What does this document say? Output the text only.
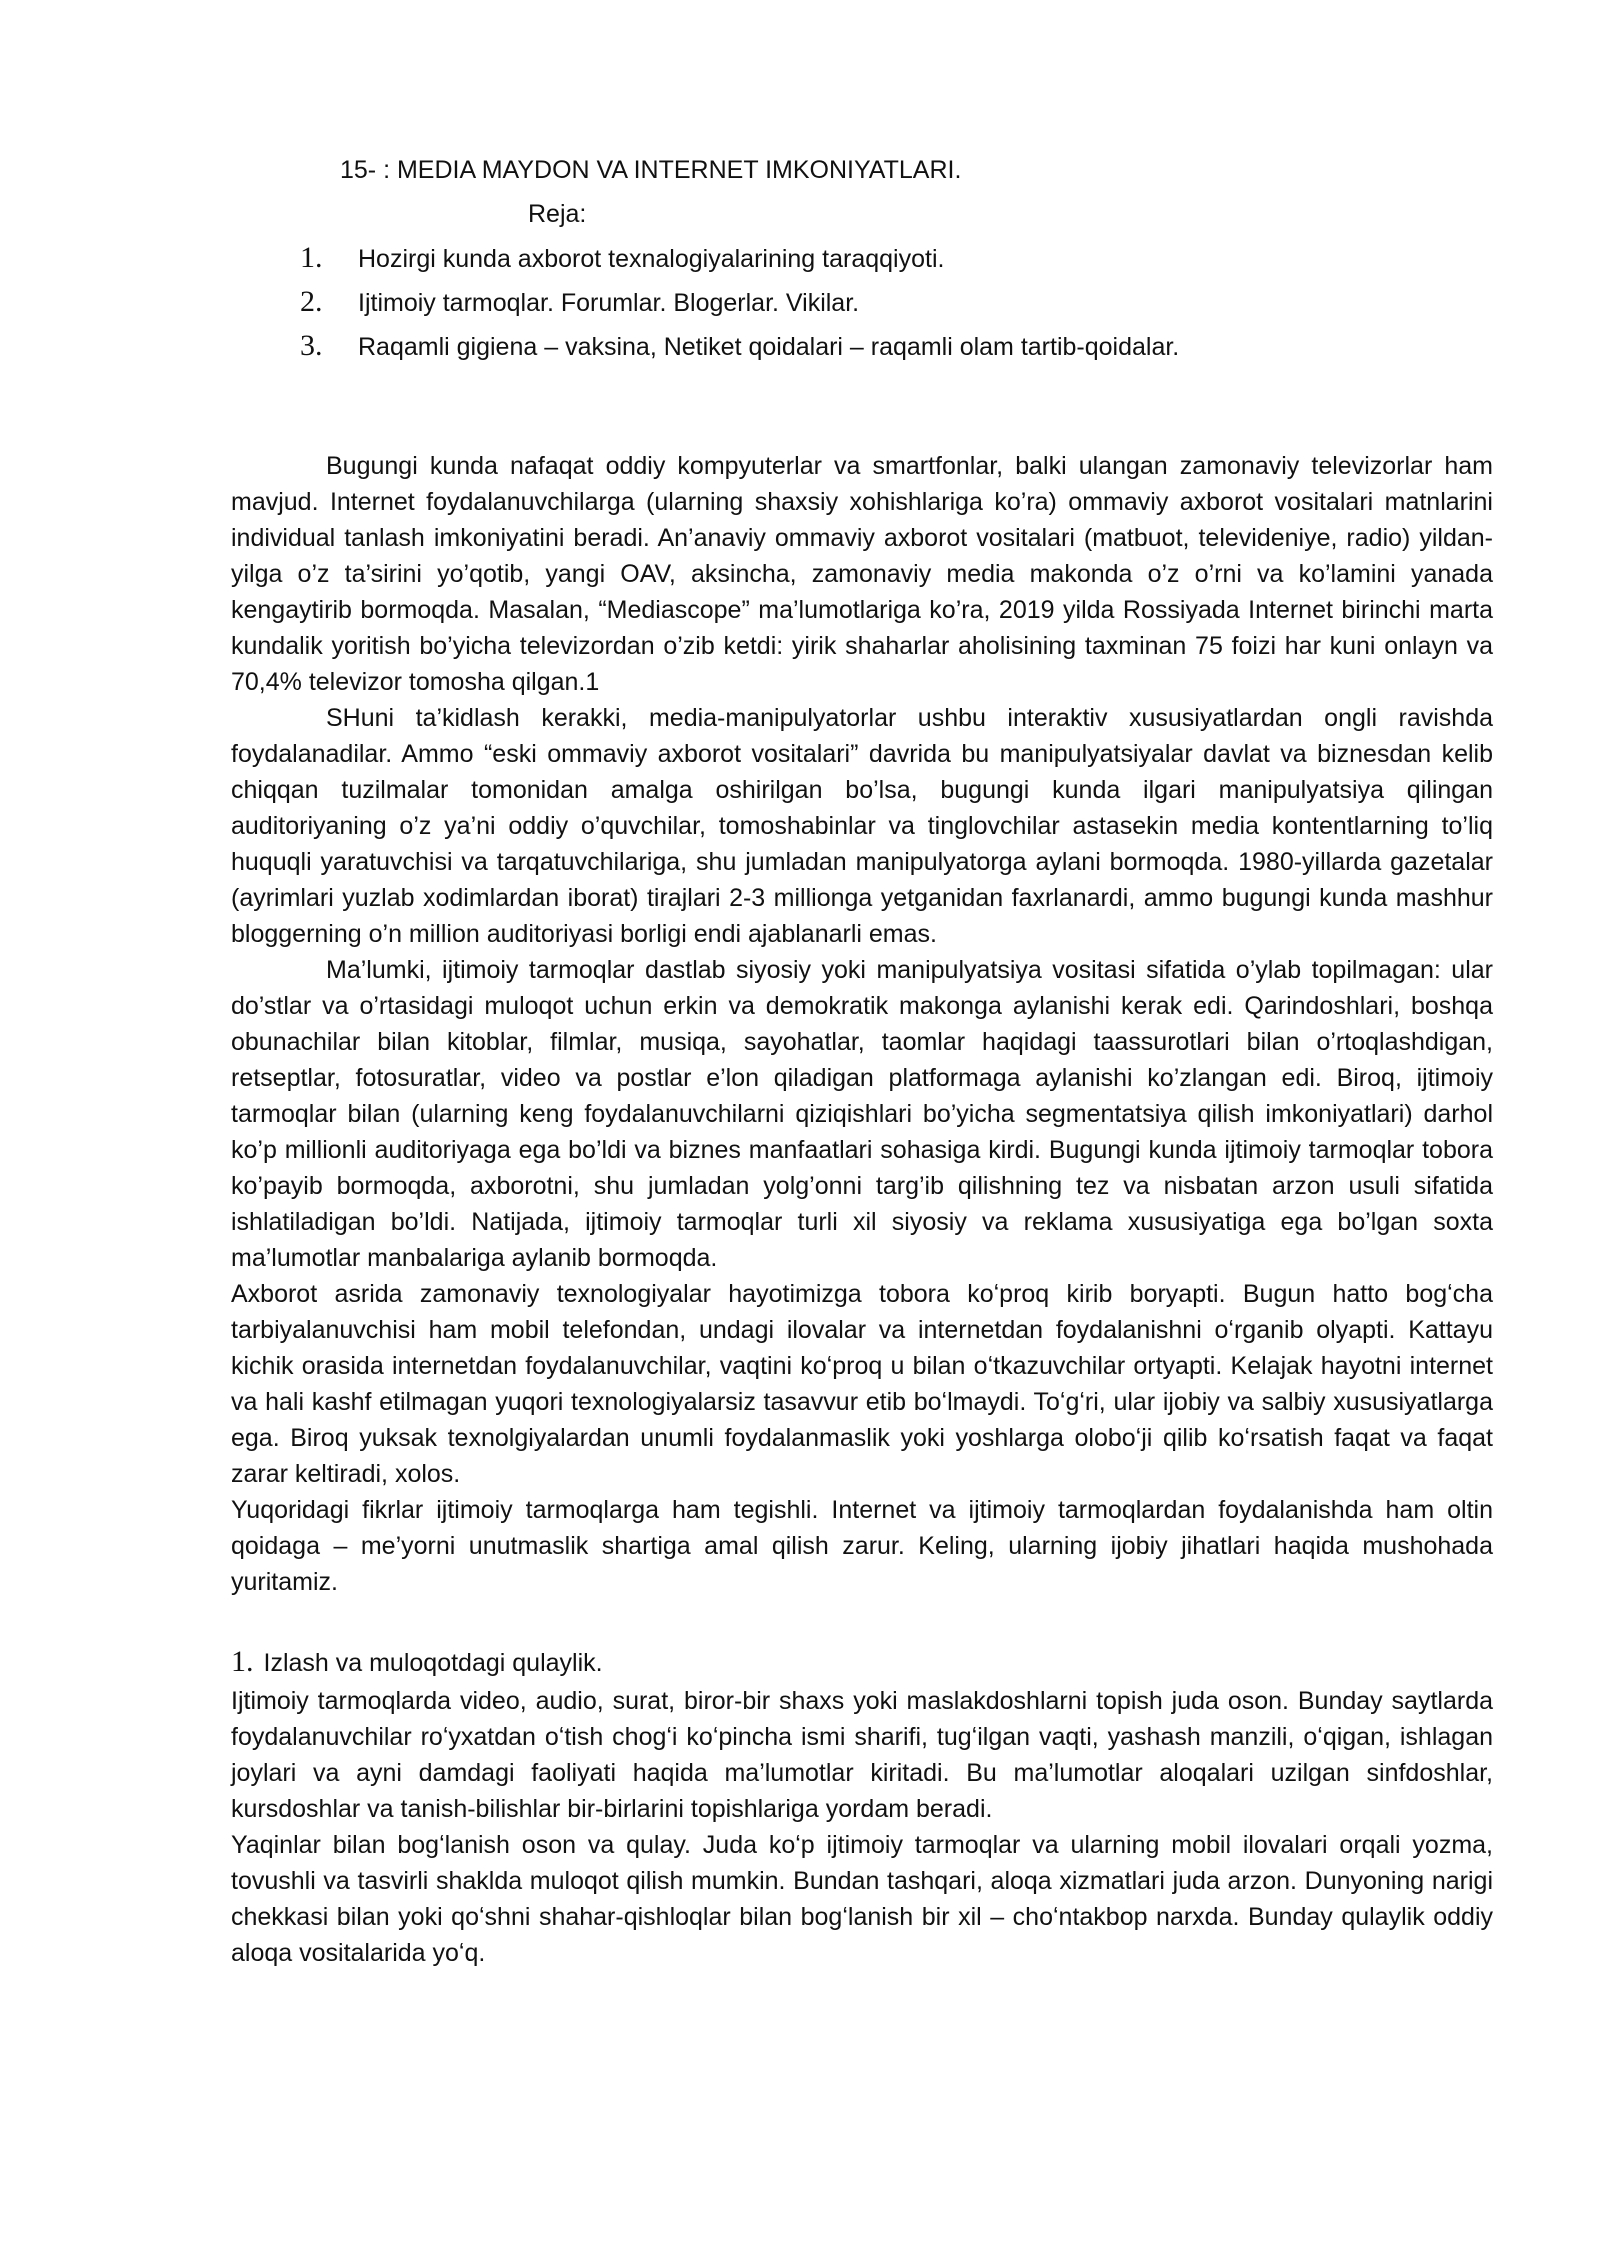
15- : MEDIA MAYDON VA INTERNET IMKONIYATLARI.
Reja:
1. Hozirgi kunda axborot texnalogiyalarining taraqqiyoti.
2. Ijtimoiy tarmoqlar. Forumlar. Blogerlar. Vikilar.
3. Raqamli gigiena – vaksina, Netiket qoidalari – raqamli olam tartib-qoidalar.

Bugungi kunda nafaqat oddiy kompyuterlar va smartfonlar, balki ulangan zamonaviy televizorlar ham mavjud. Internet foydalanuvchilarga (ularning shaxsiy xohishlariga ko’ra) ommaviy axborot vositalari matnlarini individual tanlash imkoniyatini beradi. An’anaviy ommaviy axborot vositalari (matbuot, televideniye, radio) yildan-yilga o’z ta’sirini yo’qotib, yangi OAV, aksincha, zamonaviy media makonda o’z o’rni va ko’lamini yanada kengaytirib bormoqda. Masalan, “Mediascope” ma’lumotlariga ko’ra, 2019 yilda Rossiyada Internet birinchi marta kundalik yoritish bo’yicha televizordan o’zib ketdi: yirik shaharlar aholisining taxminan 75 foizi har kuni onlayn va 70,4% televizor tomosha qilgan.1

SHuni ta’kidlash kerakki, media-manipulyatorlar ushbu interaktiv xususiyatlardan ongli ravishda foydalanadilar. Ammo “eski ommaviy axborot vositalari” davrida bu manipulyatsiyalar davlat va biznesdan kelib chiqqan tuzilmalar tomonidan amalga oshirilgan bo’lsa, bugungi kunda ilgari manipulyatsiya qilingan auditoriyaning o’z ya’ni oddiy o’quvchilar, tomoshabinlar va tinglovchilar astasekin media kontentlarning to’liq huquqli yaratuvchisi va tarqatuvchilariga, shu jumladan manipulyatorga aylani bormoqda. 1980-yillarda gazetalar (ayrimlari yuzlab xodimlardan iborat) tirajlari 2-3 millionga yetganidan faxrlanardi, ammo bugungi kunda mashhur bloggerning o’n million auditoriyasi borligi endi ajablanarli emas.

Ma’lumki, ijtimoiy tarmoqlar dastlab siyosiy yoki manipulyatsiya vositasi sifatida o’ylab topilmagan: ular do’stlar va o’rtasidagi muloqot uchun erkin va demokratik makonga aylanishi kerak edi. Qarindoshlari, boshqa obunachilar bilan kitoblar, filmlar, musiqa, sayohatlar, taomlar haqidagi taassurotlari bilan o’rtoqlashdigan, retseptlar, fotosuratlar, video va postlar e’lon qiladigan platformaga aylanishi ko’zlangan edi. Biroq, ijtimoiy tarmoqlar bilan (ularning keng foydalanuvchilarni qiziqishlari bo’yicha segmentatsiya qilish imkoniyatlari) darhol ko’p millionli auditoriyaga ega bo’ldi va biznes manfaatlari sohasiga kirdi. Bugungi kunda ijtimoiy tarmoqlar tobora ko’payib bormoqda, axborotni, shu jumladan yolg’onni targ’ib qilishning tez va nisbatan arzon usuli sifatida ishlatiladigan bo’ldi. Natijada, ijtimoiy tarmoqlar turli xil siyosiy va reklama xususiyatiga ega bo’lgan soxta ma’lumotlar manbalariga aylanib bormoqda.

Axborot asrida zamonaviy texnologiyalar hayotimizga tobora koʻproq kirib boryapti. Bugun hatto bogʻcha tarbiyalanuvchisi ham mobil telefondan, undagi ilovalar va internetdan foydalanishni oʻrganib olyapti. Kattayu kichik orasida internetdan foydalanuvchilar, vaqtini koʻproq u bilan oʻtkazuvchilar ortyapti. Kelajak hayotni internet va hali kashf etilmagan yuqori texnologiyalarsiz tasavvur etib boʻlmaydi. Toʻgʻri, ular ijobiy va salbiy xususiyatlarga ega. Biroq yuksak texnolgiyalardan unumli foydalanmaslik yoki yoshlarga oloboʻji qilib koʻrsatish faqat va faqat zarar keltiradi, xolos.

Yuqoridagi fikrlar ijtimoiy tarmoqlarga ham tegishli. Internet va ijtimoiy tarmoqlardan foydalanishda ham oltin qoidaga – me’yorni unutmaslik shartiga amal qilish zarur. Keling, ularning ijobiy jihatlari haqida mushohada yuritamiz.

1. Izlash va muloqotdagi qulaylik.

Ijtimoiy tarmoqlarda video, audio, surat, biror-bir shaxs yoki maslakdoshlarni topish juda oson. Bunday saytlarda foydalanuvchilar roʻyxatdan oʻtish chogʻi koʻpincha ismi sharifi, tugʻilgan vaqti, yashash manzili, oʻqigan, ishlagan joylari va ayni damdagi faoliyati haqida ma’lumotlar kiritadi. Bu ma’lumotlar aloqalari uzilgan sinfdoshlar, kursdoshlar va tanish-bilishlar bir-birlarini topishlariga yordam beradi.

Yaqinlar bilan bogʻlanish oson va qulay. Juda koʻp ijtimoiy tarmoqlar va ularning mobil ilovalari orqali yozma, tovushli va tasvirli shaklda muloqot qilish mumkin. Bundan tashqari, aloqa xizmatlari juda arzon. Dunyoning narigi chekkasi bilan yoki qoʻshni shahar-qishloqlar bilan bogʻlanish bir xil – choʻntakbop narxda. Bunday qulaylik oddiy aloqa vositalarida yoʻq.
